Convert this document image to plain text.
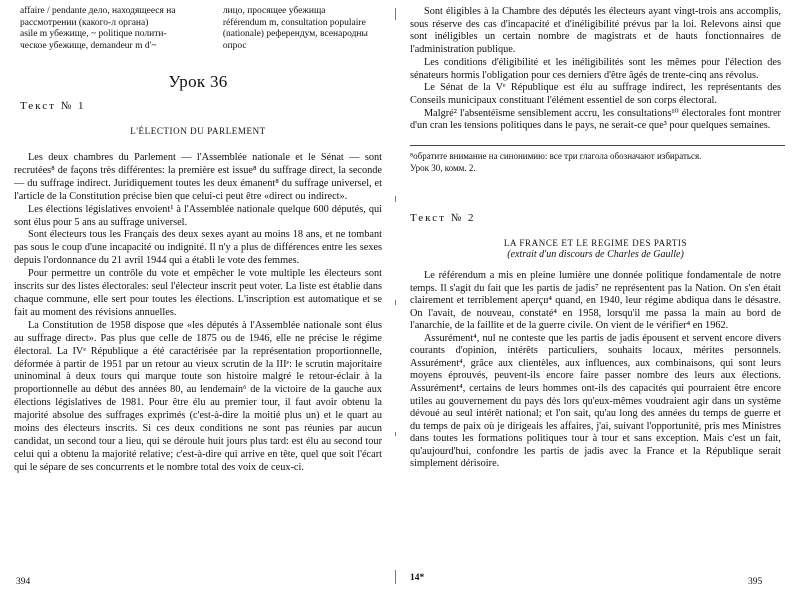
affaire / pendante дело, находящееся на

рассмотрении (какого-л органа)

asile m убежище, ~ politique полити-

ческое убежище, demandeur m d'~

лицо, просящее убежища

référendum m, consultation populaire

(nationale) референдум, всенародны

опрос

Урок 36
Текст № 1
L'ÉLECTION DU PARLEMENT

Les deux chambres du Parlement — l'Assemblée nationale et le Sénat — sont recrutées⁸ de façons très différentes: la première est issue⁸ du suffrage direct, la seconde — du suffrage indirect. Juridiquement toutes les deux émanent⁸ du suffrage universel, et l'article de la Constitution précise bien que celui-ci peut être «direct ou indirect».

Les élections législatives envoient¹ à l'Assemblée nationale quelque 600 députés, qui sont élus pour 5 ans au suffrage universel.

Sont électeurs tous les Français des deux sexes ayant au moins 18 ans, et ne tombant pas sous le coup d'une incapacité ou indignité. Il n'y a plus de différences entre les sexes depuis l'ordonnance du 21 avril 1944 qui a établi le vote des femmes.

Pour permettre un contrôle du vote et empêcher le vote multiple les électeurs sont inscrits sur des listes électorales: seul l'électeur inscrit peut voter. La liste est établie dans chaque commune, elle sert pour toutes les élections. L'inscription est automatique et se fait au moment des révisions annuelles.

La Constitution de 1958 dispose que «les députés à l'Assemblée nationale sont élus au suffrage direct». Pas plus que celle de 1875 ou de 1946, elle ne précise le régime électoral. La IVᵉ République a été caractérisée par la représentation proportionnelle, déformée à partir de 1951 par un retour au vieux scrutin de la IIIᵉ: le scrutin majoritaire uninominal à deux tours qui marque toute son histoire malgré le retour-éclair à la proportionnelle au début des années 80, au lendemain⁶ de la victoire de la gauche aux élections législatives de 1981. Pour être élu au premier tour, il faut avoir obtenu la majorité absolue des suffrages exprimés (c'est-à-dire la moitié plus un) et le quart au moins des électeurs inscrits. Si ces deux conditions ne sont pas réunies par aucun candidat, un second tour a lieu, qui se déroule huit jours plus tard: est élu au second tour celui qui a obtenu la majorité relative; c'est-à-dire qui arrive en tête, quel que soit l'écart qui le sépare de ses concurrents et le nombre total des voix de ceux-ci.

394

Sont éligibles à la Chambre des députés les électeurs ayant vingt-trois ans accomplis, sous réserve des cas d'incapacité et d'inéligibilité prévus par la loi. Relevons ainsi que sont inéligibles un certain nombre de magistrats et de hauts fonctionnaires de l'administration publique.

Les conditions d'éligibilité et les inéligibilités sont les mêmes pour l'élection des sénateurs hormis l'obligation pour ces derniers d'être âgés de trente-cinq ans révolus.

Le Sénat de la Vᵉ République est élu au suffrage indirect, les représentants des Conseils municipaux constituant l'élément essentiel de son corps électoral.

Malgré² l'absentéisme sensiblement accru, les consultations¹⁰ électorales font montrer d'un cran les tensions politiques dans le pays, ne serait-ce que³ pour quelques semaines.

⁸обратите внимание на синонимию: все три глагола обозначают избираться.

Урок 30, комм. 2.

Текст № 2
LA FRANCE ET LE REGIME DES PARTIS
(extrait d'un discours de Charles de Gaulle)

Le référendum a mis en pleine lumière une donnée politique fondamentale de notre temps. Il s'agit du fait que les partis de jadis⁷ ne représentent pas la Nation. On s'en était clairement et terriblement aperçu⁴ quand, en 1940, leur régime abdiqua dans le désastre. On l'avait, de nouveau, constaté⁴ en 1958, lorsqu'il me passa la main au bord de l'anarchie, de la faillite et de la guerre civile. On vient de le vérifier⁴ en 1962.

Assurément⁴, nul ne conteste que les partis de jadis épousent et servent encore divers courants d'opinion, intérêts particuliers, souhaits locaux, mérites personnels. Assurément⁴, grâce aux clientèles, aux influences, aux combinaisons, qui sont leurs moyens éprouvés, peuvent-ils encore faire passer nombre des leurs aux élections. Assurément⁴, certains de leurs hommes ont-ils des capacités qui pourraient être encore utiles au gouvernement du pays dès lors qu'eux-mêmes voudraient agir dans un système dévoué au seul intérêt national; et l'on sait, qu'au long des années du temps de guerre et du temps de paix où je dirigeais les affaires, j'ai, suivant l'opportunité, pris mes Ministres dans toutes les formations politiques tour à tour et sans exception. Mais c'est un fait, qu'aujourd'hui, confondre les partis de jadis avec la France et la République serait simplement dérisoire.

14*	395
